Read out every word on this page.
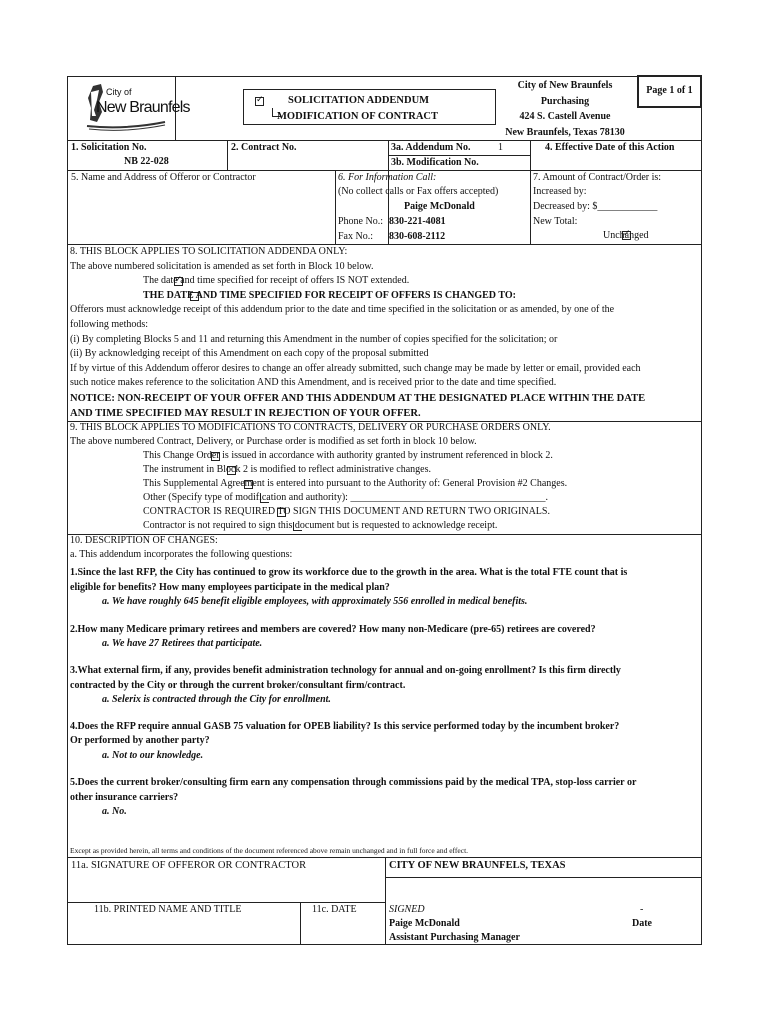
City of
New Braunfels
✓	SOLICITATION ADDENDUM
MODIFICATION OF CONTRACT
City of New Braunfels
Purchasing
424 S. Castell Avenue
New Braunfels, Texas 78130
Page 1 of 1
1. Solicitation No.
NB 22-028
2. Contract No.	3a. Addendum No.	1
3b. Modification No.
4. Effective Date of this Action
5. Name and Address of Offeror or Contractor	6. For Information Call:
(No collect calls or Fax offers accepted)
Paige McDonald
Phone No.: 830-221-4081
Fax No.: 830-608-2112
7. Amount of Contract/Order is:
Increased by:
Decreased by: $____________
New Total:
✓
Unchanged
8. THIS BLOCK APPLIES TO SOLICITATION ADDENDA ONLY:
The above numbered solicitation is amended as set forth in Block 10 below.
✓
The date and time specified for receipt of offers IS NOT extended.

THE DATE AND TIME SPECIFIED FOR RECEIPT OF OFFERS IS CHANGED TO:
Offerors must acknowledge receipt of this addendum prior to the date and time specified in the solicitation or as amended, by one of the
following methods:
(i) By completing Blocks 5 and 11 and returning this Amendment in the number of copies specified for the solicitation; or
(ii) By acknowledging receipt of this Amendment on each copy of the proposal submitted
If by virtue of this Addendum offeror desires to change an offer already submitted, such change may be made by letter or email, provided each
such notice makes reference to the solicitation AND this Amendment, and is received prior to the date and time specified.
NOTICE: NON-RECEIPT OF YOUR OFFER AND THIS ADDENDUM AT THE DESIGNATED PLACE WITHIN THE DATE
AND TIME SPECIFIED MAY RESULT IN REJECTION OF YOUR OFFER.
9. THIS BLOCK APPLIES TO MODIFICATIONS TO CONTRACTS, DELIVERY OR PURCHASE ORDERS ONLY.
The above numbered Contract, Delivery, or Purchase order is modified as set forth in block 10 below.

This Change Order is issued in accordance with authority granted by instrument referenced in block 2.

The instrument in Block 2 is modified to reflect administrative changes.

This Supplemental Agreement is entered into pursuant to the Authority of: General Provision #2 Changes.

Other (Specify type of modification and authority): _______________________________________.

CONTRACTOR IS REQUIRED TO SIGN THIS DOCUMENT AND RETURN TWO ORIGINALS.
Contractor is not required to sign this document but is requested to acknowledge receipt.
10. DESCRIPTION OF CHANGES:
a. This addendum incorporates the following questions:
1.Since the last RFP, the City has continued to grow its workforce due to the growth in the area. What is the total FTE count that is
eligible for benefits? How many employees participate in the medical plan?
a. We have roughly 645 benefit eligible employees, with approximately 556 enrolled in medical benefits.
2.How many Medicare primary retirees and members are covered? How many non-Medicare (pre-65) retirees are covered?
a. We have 27 Retirees that participate.
3.What external firm, if any, provides benefit administration technology for annual and on-going enrollment? Is this firm directly
contracted by the City or through the current broker/consultant firm/contract.
a. Selerix is contracted through the City for enrollment.
4.Does the RFP require annual GASB 75 valuation for OPEB liability? Is this service performed today by the incumbent broker?
Or performed by another party?
a. Not to our knowledge.
5.Does the current broker/consulting firm earn any compensation through commissions paid by the medical TPA, stop-loss carrier or
other insurance carriers?
a. No.
Except as provided herein, all terms and conditions of the document referenced above remain unchanged and in full force and effect.
11a. SIGNATURE OF OFFEROR OR CONTRACTOR	CITY OF NEW BRAUNFELS, TEXAS
11b. PRINTED NAME AND TITLE	11c. DATE	SIGNED	-
Paige McDonald	Date
Assistant Purchasing Manager
